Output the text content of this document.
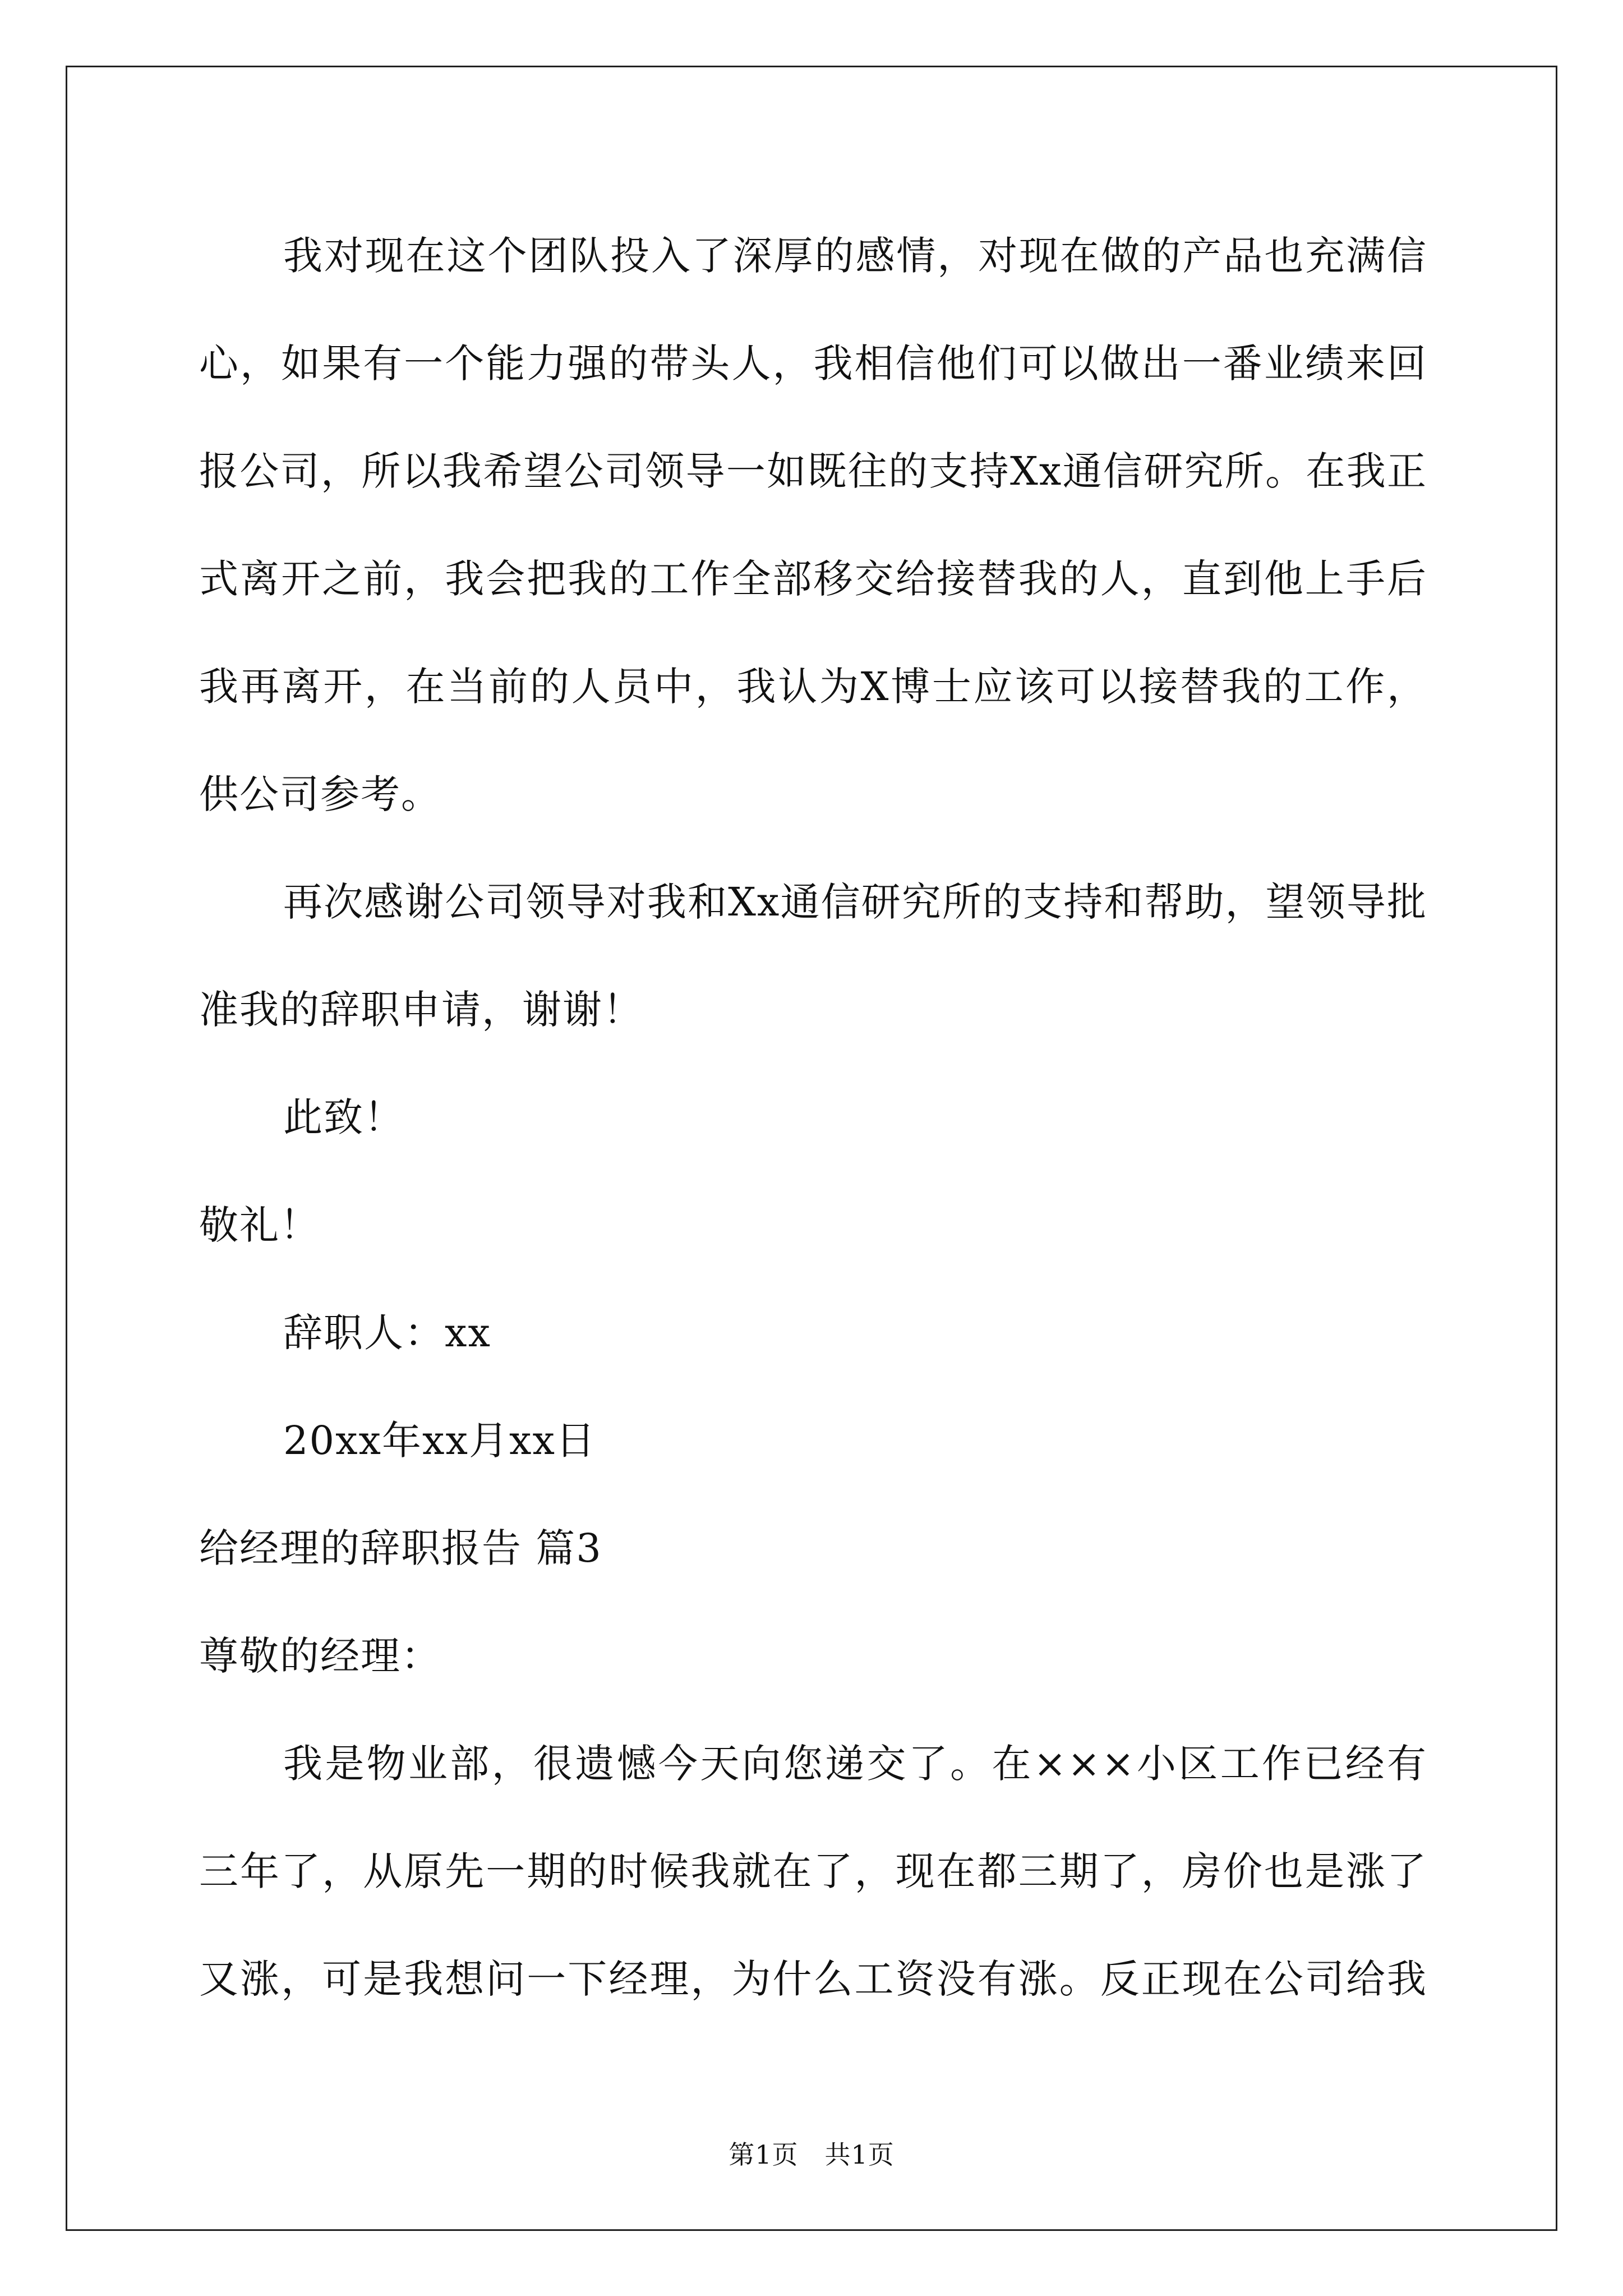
我对现在这个团队投入了深厚的感情，对现在做的产品也充满信
心，如果有一个能力强的带头人，我相信他们可以做出一番业绩来回
报公司，所以我希望公司领导一如既往的支持Xx通信研究所。在我正
式离开之前，我会把我的工作全部移交给接替我的人，直到他上手后
我再离开，在当前的人员中，我认为X博士应该可以接替我的工作，
供公司参考。
再次感谢公司领导对我和Xx通信研究所的支持和帮助，望领导批
准我的辞职申请，谢谢！
此致！
敬礼！
辞职人：xx
20xx年xx月xx日
给经理的辞职报告 篇3
尊敬的经理：
我是物业部，很遗憾今天向您递交了。在×××小区工作已经有
三年了，从原先一期的时候我就在了，现在都三期了，房价也是涨了
又涨，可是我想问一下经理，为什么工资没有涨。反正现在公司给我
第1页　共1页
